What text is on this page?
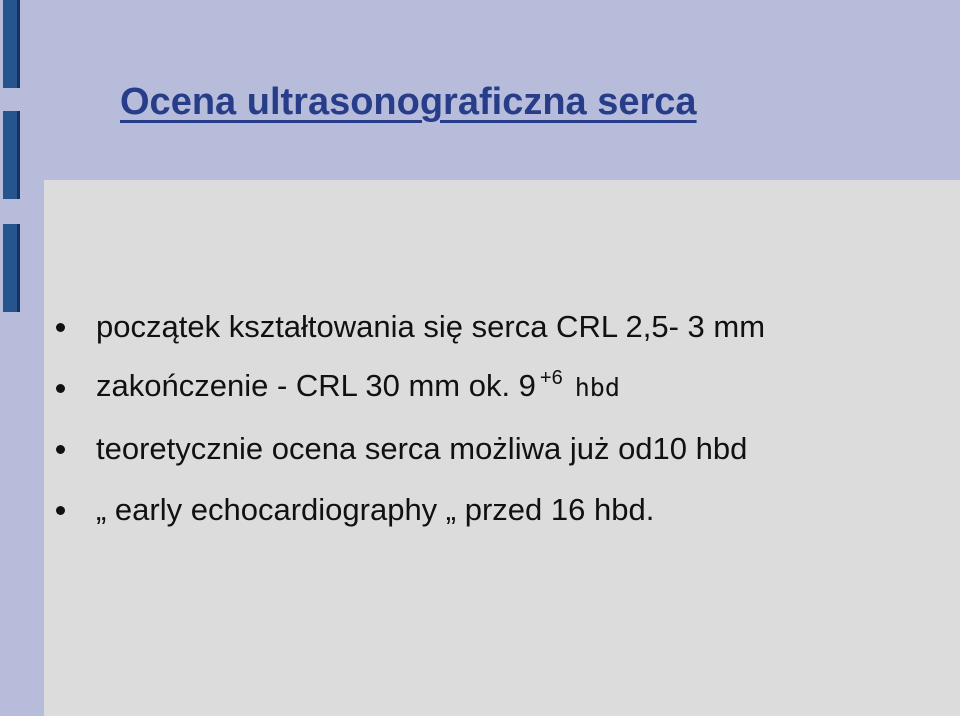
Ocena ultrasonograficzna serca
początek kształtowania się serca CRL 2,5- 3 mm
zakończenie - CRL 30 mm ok. 9 $^{+6}$ hbd
teoretycznie ocena serca możliwa już od10 hbd
„ early echocardiography „ przed 16 hbd.
